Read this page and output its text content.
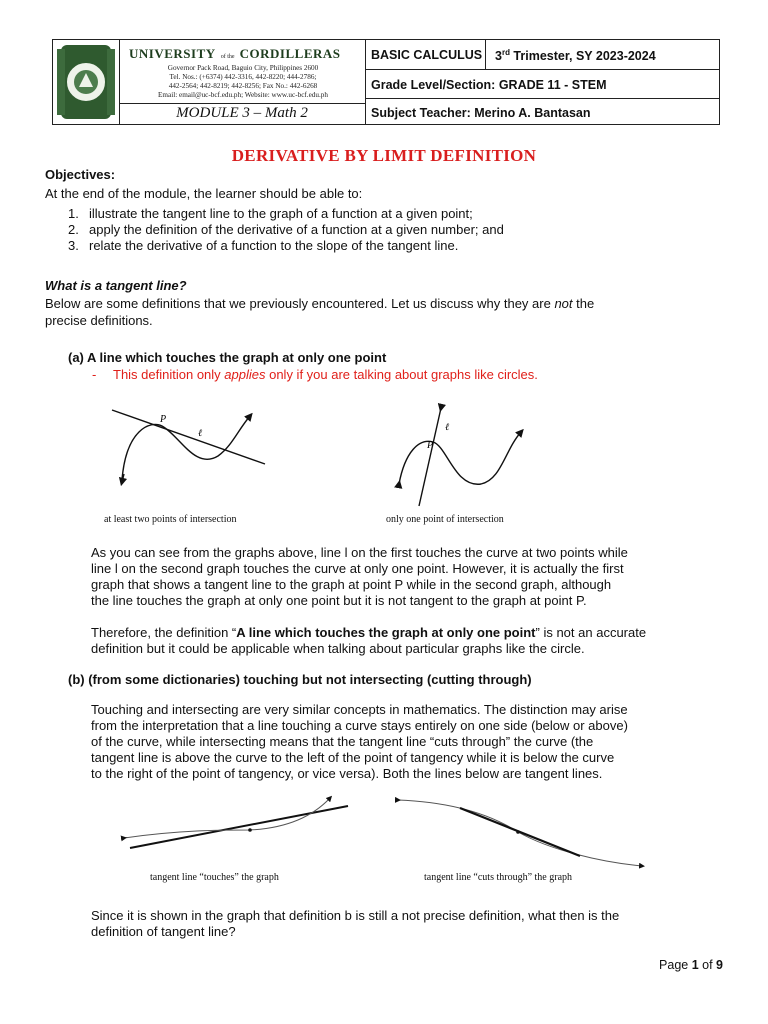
UNIVERSITY of the CORDILLERAS
Governor Pack Road, Baguio City, Philippines 2600
Tel. Nos.: (+6374) 442-3316, 442-8220; 444-2786;
442-2564; 442-8219; 442-8256; Fax No.: 442-6268
Email: email@uc-bcf.edu.ph; Website: www.uc-bcf.edu.ph
MODULE 3 – Math 2
BASIC CALCULUS 3rd Trimester, SY 2023-2024
Grade Level/Section: GRADE 11 - STEM
Subject Teacher: Merino A. Bantasan
DERIVATIVE BY LIMIT DEFINITION
Objectives:
At the end of the module, the learner should be able to:
1. illustrate the tangent line to the graph of a function at a given point;
2. apply the definition of the derivative of a function at a given number; and
3. relate the derivative of a function to the slope of the tangent line.
What is a tangent line?
Below are some definitions that we previously encountered. Let us discuss why they are not the
precise definitions.
(a) A line which touches the graph at only one point
- This definition only applies only if you are talking about graphs like circles.
P
ℓ
at least two points of intersection
P
ℓ
only one point of intersection
As you can see from the graphs above, line l on the first touches the curve at two points while
line l on the second graph touches the curve at only one point. However, it is actually the first
graph that shows a tangent line to the graph at point P while in the second graph, although
the line touches the graph at only one point but it is not tangent to the graph at point P.
Therefore, the definition “A line which touches the graph at only one point” is not an accurate
definition but it could be applicable when talking about particular graphs like the circle.
(b) (from some dictionaries) touching but not intersecting (cutting through)
Touching and intersecting are very similar concepts in mathematics. The distinction may arise
from the interpretation that a line touching a curve stays entirely on one side (below or above)
of the curve, while intersecting means that the tangent line “cuts through” the curve (the
tangent line is above the curve to the left of the point of tangency while it is below the curve
to the right of the point of tangency, or vice versa). Both the lines below are tangent lines.
tangent line “touches” the graph	tangent line “cuts through” the graph
Since it is shown in the graph that definition b is still a not precise definition, what then is the
definition of tangent line?
Page 1 of 9
